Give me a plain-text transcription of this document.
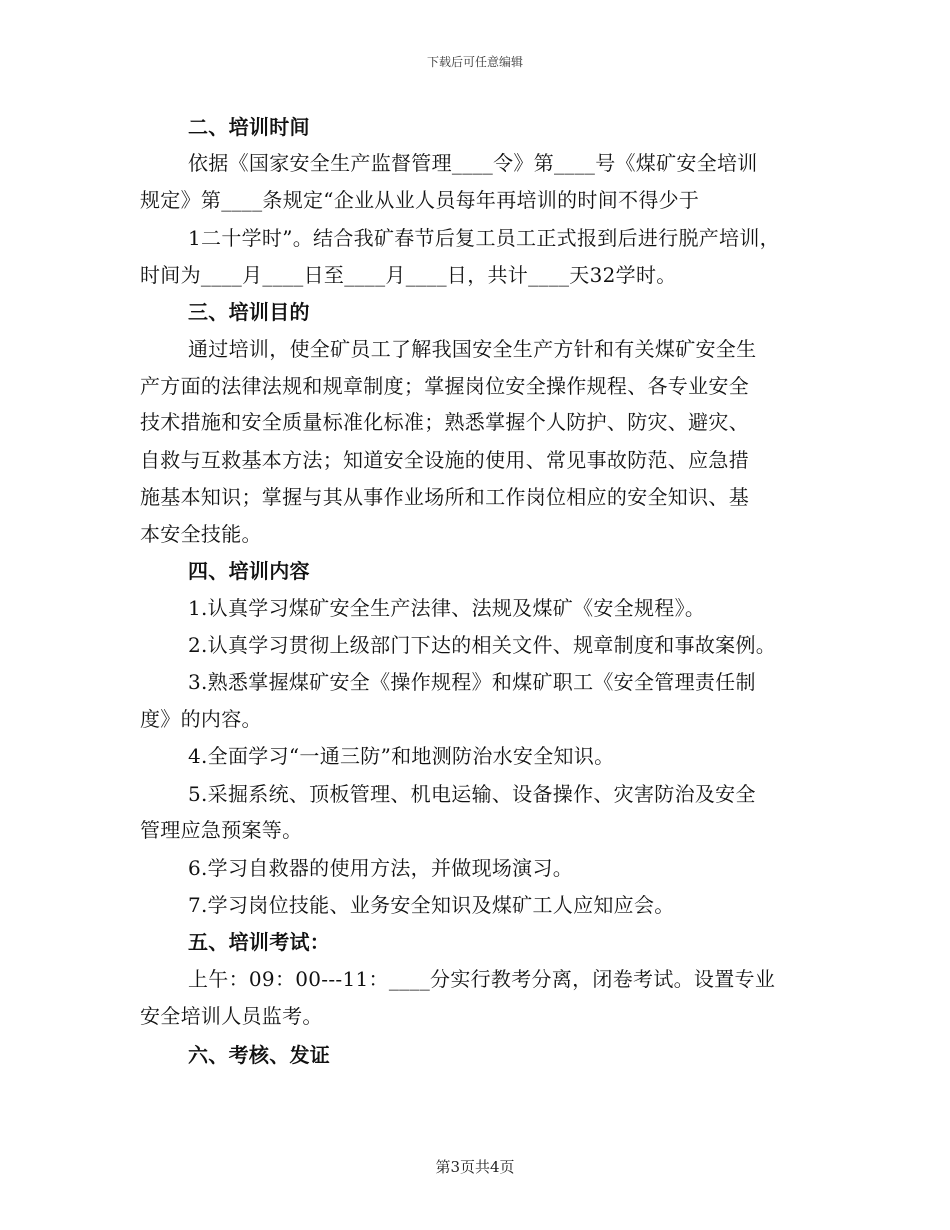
下载后可任意编辑
二、培训时间
依据《国家安全生产监督管理____令》第____号《煤矿安全培训
规定》第____条规定“企业从业人员每年再培训的时间不得少于
1二十学时”。结合我矿春节后复工员工正式报到后进行脱产培训，
时间为____月____日至____月____日，共计____天32学时。
三、培训目的
通过培训，使全矿员工了解我国安全生产方针和有关煤矿安全生
产方面的法律法规和规章制度；掌握岗位安全操作规程、各专业安全
技术措施和安全质量标准化标准；熟悉掌握个人防护、防灾、避灾、
自救与互救基本方法；知道安全设施的使用、常见事故防范、应急措
施基本知识；掌握与其从事作业场所和工作岗位相应的安全知识、基
本安全技能。
四、培训内容
1.认真学习煤矿安全生产法律、法规及煤矿《安全规程》。
2.认真学习贯彻上级部门下达的相关文件、规章制度和事故案例。
3.熟悉掌握煤矿安全《操作规程》和煤矿职工《安全管理责任制
度》的内容。
4.全面学习“一通三防”和地测防治水安全知识。
5.采掘系统、顶板管理、机电运输、设备操作、灾害防治及安全
管理应急预案等。
6.学习自救器的使用方法，并做现场演习。
7.学习岗位技能、业务安全知识及煤矿工人应知应会。
五、培训考试：
上午：09：00---11：____分实行教考分离，闭卷考试。设置专业
安全培训人员监考。
六、考核、发证
第3页共4页
